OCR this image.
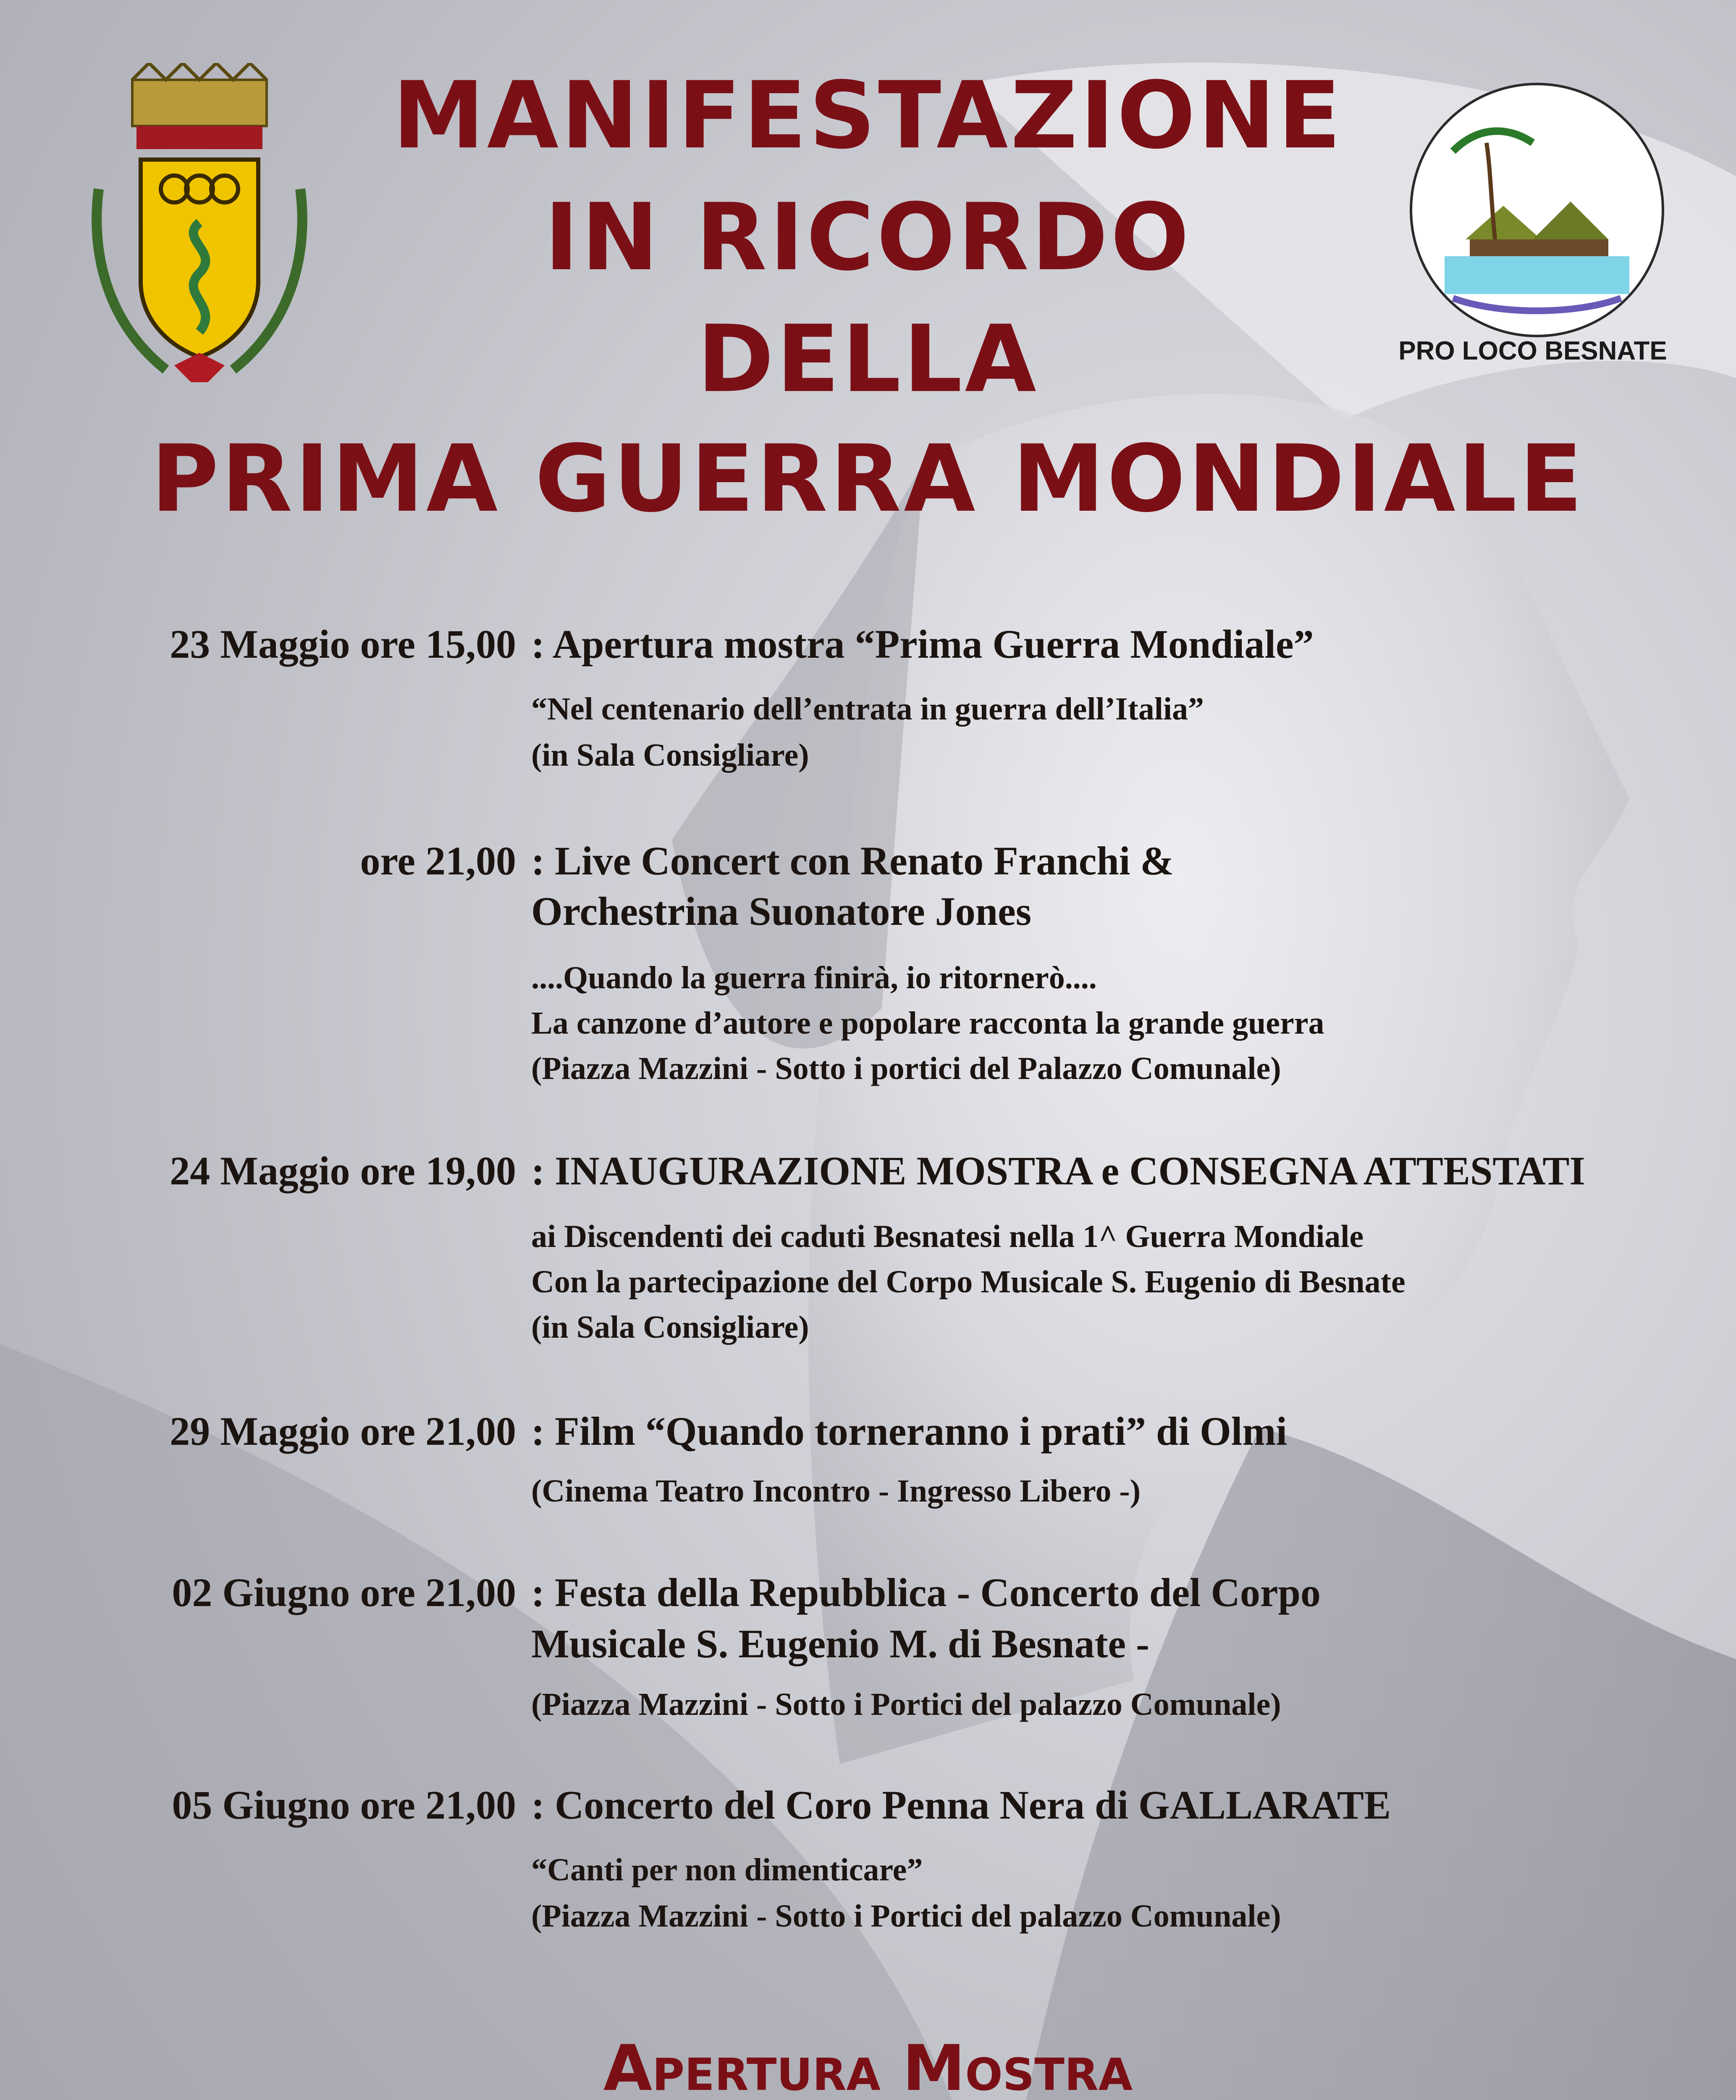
PRO LOCO BESNATE
MANIFESTAZIONE
IN RICORDO
DELLA
PRIMA GUERRA MONDIALE
23 Maggio ore 15,00 : Apertura mostra “Prima Guerra Mondiale”
“Nel centenario dell’entrata in guerra dell’Italia”
(in Sala Consigliare)
ore 21,00 : Live Concert con Renato Franchi &
Orchestrina Suonatore Jones
....Quando la guerra finirà, io ritornerò....
La canzone d’autore e popolare racconta la grande guerra
(Piazza Mazzini - Sotto i portici del Palazzo Comunale)
24 Maggio ore 19,00 : INAUGURAZIONE MOSTRA e CONSEGNA ATTESTATI
ai Discendenti dei caduti Besnatesi nella 1^ Guerra Mondiale
Con la partecipazione del Corpo Musicale S. Eugenio di Besnate
(in Sala Consigliare)
29 Maggio ore 21,00 : Film “Quando torneranno i prati” di Olmi
(Cinema Teatro Incontro - Ingresso Libero -)
02 Giugno ore 21,00 : Festa della Repubblica - Concerto del Corpo
Musicale S. Eugenio M. di Besnate -
(Piazza Mazzini - Sotto i Portici del palazzo Comunale)
05 Giugno ore 21,00 : Concerto del Coro Penna Nera di GALLARATE
“Canti per non dimenticare”
(Piazza Mazzini - Sotto i Portici del palazzo Comunale)
Apertura Mostra
